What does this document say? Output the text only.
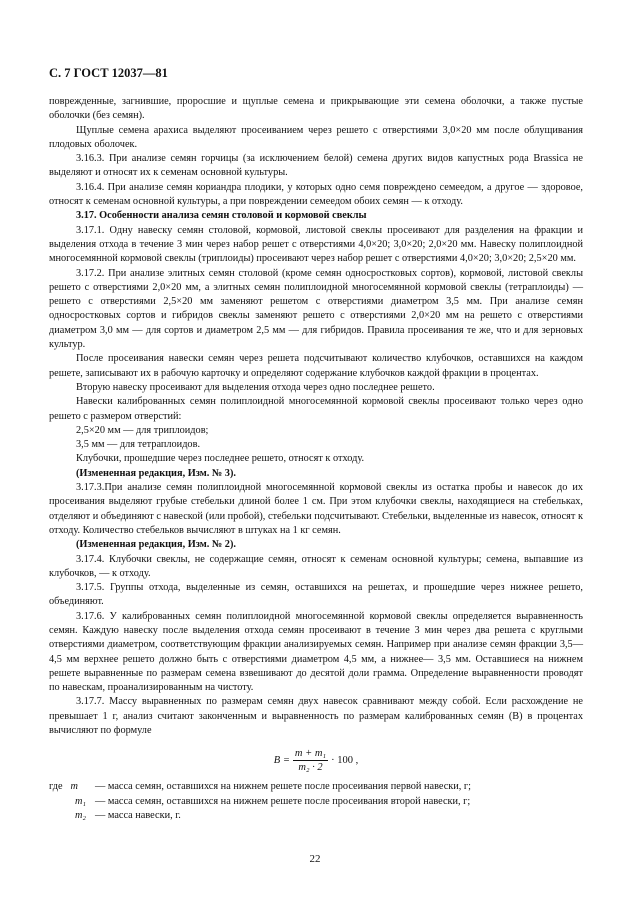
С. 7 ГОСТ 12037—81

поврежденные, загнившие, проросшие и щуплые семена и прикрывающие эти семена оболочки, а также пустые оболочки (без семян).

Щуплые семена арахиса выделяют просеиванием через решето с отверстиями 3,0×20 мм после облущивания плодовых оболочек.

3.16.3. При анализе семян горчицы (за исключением белой) семена других видов капустных рода Brassica не выделяют и относят их к семенам основной культуры.

3.16.4. При анализе семян кориандра плодики, у которых одно семя повреждено семеедом, а другое — здоровое, относят к семенам основной культуры, а при повреждении семеедом обоих семян — к отходу.

3.17. Особенности анализа семян столовой и кормовой свеклы

3.17.1. Одну навеску семян столовой, кормовой, листовой свеклы просеивают для разделения на фракции и выделения отхода в течение 3 мин через набор решет с отверстиями 4,0×20; 3,0×20; 2,0×20 мм. Навеску полиплоидной многосемянной кормовой свеклы (триплоиды) просеивают через набор решет с отверстиями 4,0×20; 3,0×20; 2,5×20 мм.

3.17.2. При анализе элитных семян столовой (кроме семян односростковых сортов), кормовой, листовой свеклы решето с отверстиями 2,0×20 мм, а элитных семян полиплоидной многосемянной кормовой свеклы (тетраплоиды) — решето с отверстиями 2,5×20 мм заменяют решетом с отверстиями диаметром 3,5 мм. При анализе семян односростковых сортов и гибридов свеклы заменяют решето с отверстиями 2,0×20 мм на решето с отверстиями диаметром 3,0 мм — для сортов и диаметром 2,5 мм — для гибридов. Правила просеивания те же, что и для зерновых культур.

После просеивания навески семян через решета подсчитывают количество клубочков, оставшихся на каждом решете, записывают их в рабочую карточку и определяют содержание клубочков каждой фракции в процентах.

Вторую навеску просеивают для выделения отхода через одно последнее решето.

Навески калиброванных семян полиплоидной многосемянной кормовой свеклы просеивают только через одно решето с размером отверстий:

2,5×20 мм — для триплоидов;

3,5 мм — для тетраплоидов.

Клубочки, прошедшие через последнее решето, относят к отходу.

(Измененная редакция, Изм. № 3).

3.17.3.При анализе семян полиплоидной многосемянной кормовой свеклы из остатка пробы и навесок до их просеивания выделяют грубые стебельки длиной более 1 см. При этом клубочки свеклы, находящиеся на стебельках, отделяют и объединяют с навеской (или пробой), стебельки подсчитывают. Стебельки, выделенные из навесок, относят к отходу. Количество стебельков вычисляют в штуках на 1 кг семян.

(Измененная редакция, Изм. № 2).

3.17.4. Клубочки свеклы, не содержащие семян, относят к семенам основной культуры; семена, выпавшие из клубочков, — к отходу.

3.17.5. Группы отхода, выделенные из семян, оставшихся на решетах, и прошедшие через нижнее решето, объединяют.

3.17.6. У калиброванных семян полиплоидной многосемянной кормовой свеклы определяется выравненность семян. Каждую навеску после выделения отхода семян просеивают в течение 3 мин через два решета с круглыми отверстиями диаметром, соответствующим фракции анализируемых семян. Например при анализе семян фракции 3,5—4,5 мм верхнее решето должно быть с отверстиями диаметром 4,5 мм, а нижнее— 3,5 мм. Оставшиеся на нижнем решете выравненные по размерам семена взвешивают до десятой доли грамма. Определение выравненности проводят по навескам, проанализированным на чистоту.

3.17.7. Массу выравненных по размерам семян двух навесок сравнивают между собой. Если расхождение не превышает 1 г, анализ считают законченным и выравненность по размерам калиброванных семян (B) в процентах вычисляют по формуле

$B = \frac{\text{m + m₁}}{\text{m₂ · 2}} \cdot 100$ ,
где m	— масса семян, оставшихся на нижнем решете после просеивания первой навески, г;
m₁ — масса семян, оставшихся на нижнем решете после просеивания второй навески, г;
m₂ — масса навески, г.
22
